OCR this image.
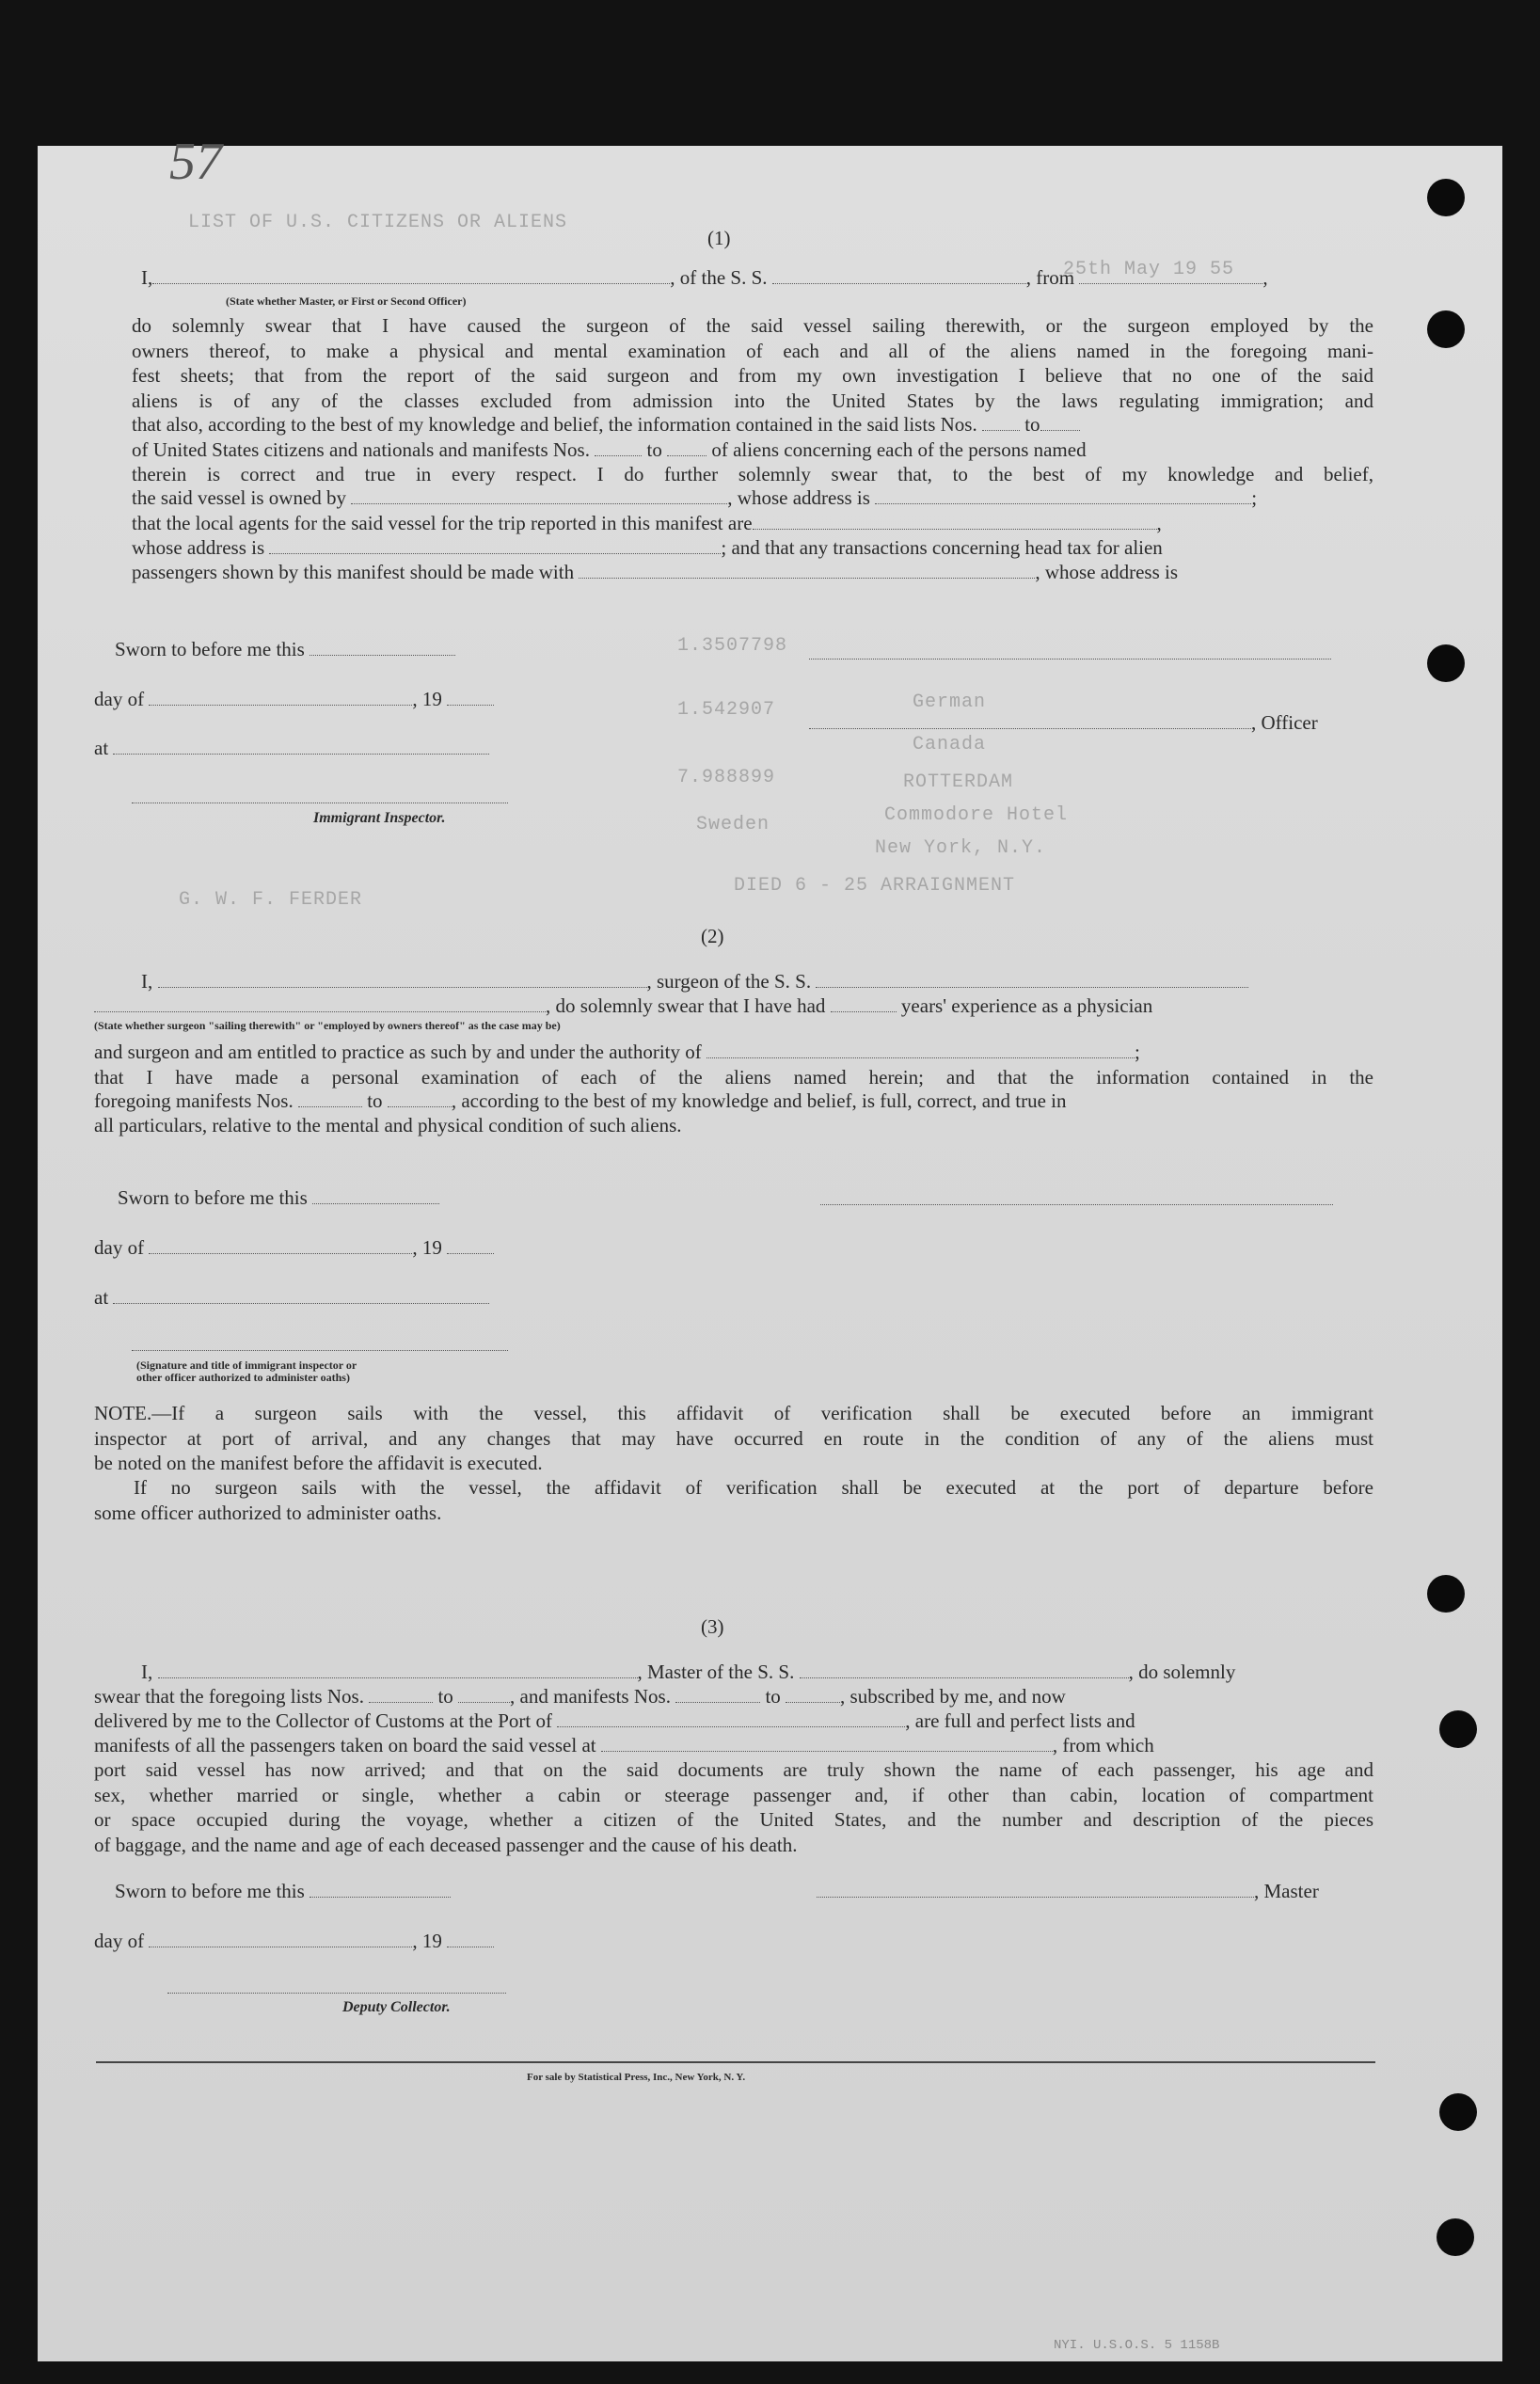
LIST OF U.S. CITIZENS OR ALIENS
25th May 19 55
1.3507798
German
1.542907
Canada
7.988899
Sweden
ROTTERDAM
Commodore Hotel
New York, N.Y.
DIED 6 - 25 ARRAIGNMENT
G. W. F. FERDER
57
(1)
I,	, of the S. S.	, from	,
(State whether Master, or First or Second Officer)
do solemnly swear that I have caused the surgeon of the said vessel sailing therewith, or the surgeon employed by the
owners thereof, to make a physical and mental examination of each and all of the aliens named in the foregoing mani-
fest sheets; that from the report of the said surgeon and from my own investigation I believe that no one of the said
aliens is of any of the classes excluded from admission into the United States by the laws regulating immigration; and
that also, according to the best of my knowledge and belief, the information contained in the said lists Nos. to
of United States citizens and nationals and manifests Nos.	to	of aliens concerning each of the persons named
therein is correct and true in every respect. I do further solemnly swear that, to the best of my knowledge and belief,
the said vessel is owned by	, whose address is	;
that the local agents for the said vessel for the trip reported in this manifest are	,
whose address is	; and that any transactions concerning head tax for alien
passengers shown by this manifest should be made with	, whose address is
Sworn to before me this
day of	, 19
at
Immigrant Inspector.
, Officer
(2)
I,	, surgeon of the S. S.
, do solemnly swear that I have had	years' experience as a physician
(State whether surgeon "sailing therewith" or "employed by owners thereof" as the case may be)
and surgeon and am entitled to practice as such by and under the authority of	;
that I have made a personal examination of each of the aliens named herein; and that the information contained in the
foregoing manifests Nos.	to	, according to the best of my knowledge and belief, is full, correct, and true in
all particulars, relative to the mental and physical condition of such aliens.
Sworn to before me this
day of	, 19
at
(Signature and title of immigrant inspector or
other officer authorized to administer oaths)
NOTE.—If a surgeon sails with the vessel, this affidavit of verification shall be executed before an immigrant
inspector at port of arrival, and any changes that may have occurred en route in the condition of any of the aliens must
be noted on the manifest before the affidavit is executed.
If no surgeon sails with the vessel, the affidavit of verification shall be executed at the port of departure before
some officer authorized to administer oaths.
(3)
I,	, Master of the S. S.	, do solemnly
swear that the foregoing lists Nos.	to	, and manifests Nos.	to	, subscribed by me, and now
delivered by me to the Collector of Customs at the Port of	, are full and perfect lists and
manifests of all the passengers taken on board the said vessel at	, from which
port said vessel has now arrived; and that on the said documents are truly shown the name of each passenger, his age and
sex, whether married or single, whether a cabin or steerage passenger and, if other than cabin, location of compartment
or space occupied during the voyage, whether a citizen of the United States, and the number and description of the pieces
of baggage, and the name and age of each deceased passenger and the cause of his death.
Sworn to before me this	, Master
day of	, 19
Deputy Collector.
For sale by Statistical Press, Inc., New York, N. Y.
NYI. U.S.O.S. 5 1158B
